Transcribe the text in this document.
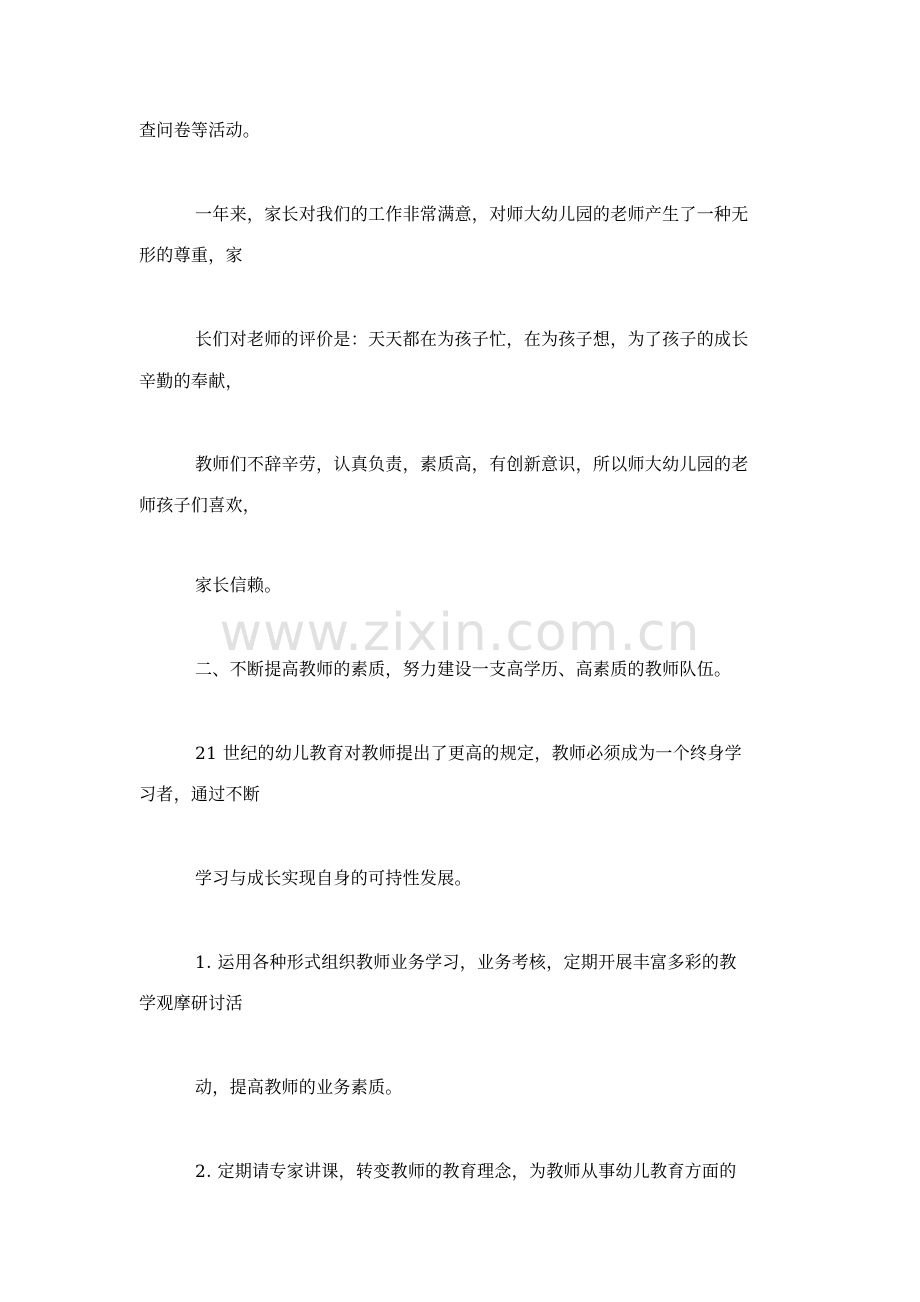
查问卷等活动。
一年来，家长对我们的工作非常满意，对师大幼儿园的老师产生了一种无
形的尊重，家
长们对老师的评价是：天天都在为孩子忙，在为孩子想，为了孩子的成长
辛勤的奉献，
教师们不辞辛劳，认真负责，素质高，有创新意识，所以师大幼儿园的老
师孩子们喜欢，
家长信赖。
二、不断提高教师的素质，努力建设一支高学历、高素质的教师队伍。
21 世纪的幼儿教育对教师提出了更高的规定，教师必须成为一个终身学
习者，通过不断
学习与成长实现自身的可持性发展。
1. 运用各种形式组织教师业务学习，业务考核，定期开展丰富多彩的教
学观摩研讨活
动，提高教师的业务素质。
2. 定期请专家讲课，转变教师的教育理念，为教师从事幼儿教育方面的
www.zixin.com.cn
